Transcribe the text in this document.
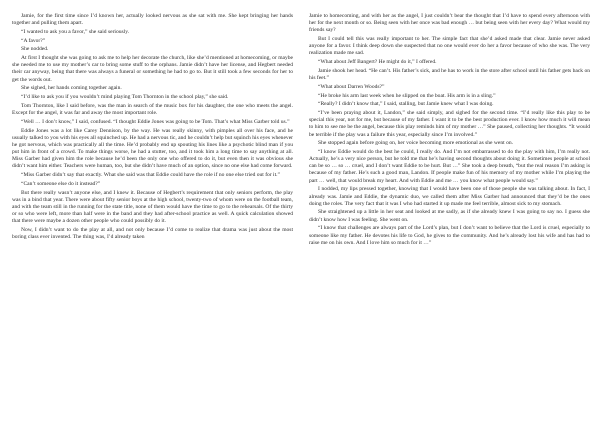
Jamie, for the first time since I’d known her, actually looked nervous as she sat with me. She kept bringing her hands together and pulling them apart.

“I wanted to ask you a favor,” she said seriously.

“A favor?”

She nodded.

At first I thought she was going to ask me to help her decorate the church, like she’d mentioned at homecoming, or maybe she needed me to use my mother’s car to bring some stuff to the orphans. Jamie didn’t have her license, and Hegbert needed their car anyway, being that there was always a funeral or something he had to go to. But it still took a few seconds for her to get the words out.

She sighed, her hands coming together again.

“I’d like to ask you if you wouldn’t mind playing Tom Thornton in the school play,” she said.

Tom Thornton, like I said before, was the man in search of the music box for his daughter, the one who meets the angel. Except for the angel, it was far and away the most important role.

“Well … I don’t know,” I said, confused. “I thought Eddie Jones was going to be Tom. That’s what Miss Garber told us.”

Eddie Jones was a lot like Carey Dennison, by the way. He was really skinny, with pimples all over his face, and he usually talked to you with his eyes all squinched up. He had a nervous tic, and he couldn’t help but squinch his eyes whenever he got nervous, which was practically all the time. He’d probably end up spouting his lines like a psychotic blind man if you put him in front of a crowd. To make things worse, he had a stutter, too, and it took him a long time to say anything at all. Miss Garber had given him the role because he’d been the only one who offered to do it, but even then it was obvious she didn’t want him either. Teachers were human, too, but she didn’t have much of an option, since no one else had come forward.

“Miss Garber didn’t say that exactly. What she said was that Eddie could have the role if no one else tried out for it.”

“Can’t someone else do it instead?”

But there really wasn’t anyone else, and I knew it. Because of Hegbert’s requirement that only seniors perform, the play was in a bind that year. There were about fifty senior boys at the high school, twenty-two of whom were on the football team, and with the team still in the running for the state title, none of them would have the time to go to the rehearsals. Of the thirty or so who were left, more than half were in the band and they had after-school practice as well. A quick calculation showed that there were maybe a dozen other people who could possibly do it.

Now, I didn’t want to do the play at all, and not only because I’d come to realize that drama was just about the most boring class ever invented. The thing was, I’d already taken

Jamie to homecoming, and with her as the angel, I just couldn’t bear the thought that I’d have to spend every afternoon with her for the next month or so. Being seen with her once was bad enough … but being seen with her every day? What would my friends say?

But I could tell this was really important to her. The simple fact that she’d asked made that clear. Jamie never asked anyone for a favor. I think deep down she suspected that no one would ever do her a favor because of who she was. The very realization made me sad.

“What about Jeff Bangert? He might do it,” I offered.

Jamie shook her head. “He can’t. His father’s sick, and he has to work in the store after school until his father gets back on his feet.”

“What about Darren Woods?”

“He broke his arm last week when he slipped on the boat. His arm is in a sling.”

“Really? I didn’t know that,” I said, stalling, but Jamie knew what I was doing.

“I’ve been praying about it, Landon,” she said simply, and sighed for the second time. “I’d really like this play to be special this year, not for me, but because of my father. I want it to be the best production ever. I know how much it will mean to him to see me be the angel, because this play reminds him of my mother …” She paused, collecting her thoughts. “It would be terrible if the play was a failure this year, especially since I’m involved.”

She stopped again before going on, her voice becoming more emotional as she went on.

“I know Eddie would do the best he could, I really do. And I’m not embarrassed to do the play with him, I’m really not. Actually, he’s a very nice person, but he told me that he’s having second thoughts about doing it. Sometimes people at school can be so … so … cruel, and I don’t want Eddie to be hurt. But …” She took a deep breath, “but the real reason I’m asking is because of my father. He’s such a good man, Landon. If people make fun of his memory of my mother while I’m playing the part … well, that would break my heart. And with Eddie and me … you know what people would say.”

I nodded, my lips pressed together, knowing that I would have been one of those people she was talking about. In fact, I already was. Jamie and Eddie, the dynamic duo, we called them after Miss Garber had announced that they’d be the ones doing the roles. The very fact that it was I who had started it up made me feel terrible, almost sick to my stomach.

She straightened up a little in her seat and looked at me sadly, as if she already knew I was going to say no. I guess she didn’t know how I was feeling. She went on.

“I know that challenges are always part of the Lord’s plan, but I don’t want to believe that the Lord is cruel, especially to someone like my father. He devotes his life to God, he gives to the community. And he’s already lost his wife and has had to raise me on his own. And I love him so much for it …”
